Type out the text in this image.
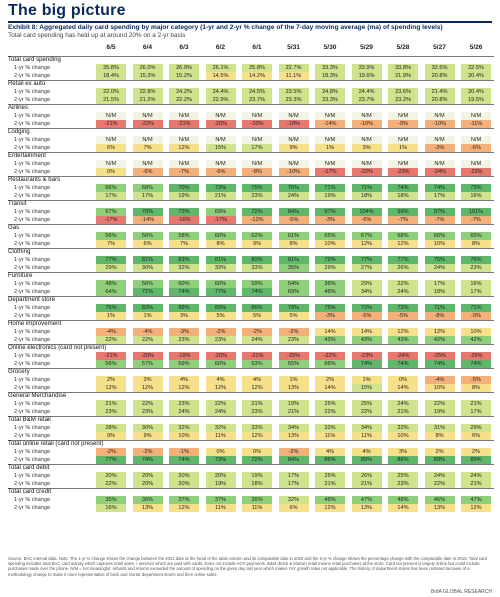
The big picture
Exhibit 8: Aggregated daily card spending by major category (1-yr and 2-yr % change of the 7-day moving average (ma) of spending levels)
Total card spending has held up at around 20% on a 2-yr basis
6/5	6/4	6/3	6/2	6/1	5/31	5/30	5/29	5/28	5/27	5/26
Total card spending
1-yr % change	25.8%	26.0%	26.9%	26.1%	25.8%	22.7%	33.3%	33.9%	33.8%	32.6%	32.5%
2-yr % change	18.4%	15.3%	15.2%	14.5%	14.2%	11.1%	18.3%	19.6%	21.9%	20.8%	20.4%
Retail ex auto
1-yr % change	22.0%	22.8%	24.2%	24.4%	24.5%	23.5%	24.8%	24.4%	23.6%	21.4%	20.4%
2-yr % change	21.5%	21.2%	22.2%	22.9%	23.7%	23.3%	23.3%	23.7%	23.2%	20.8%	19.5%
Airlines
1-yr % change	N/M	N/M	N/M	N/M	N/M	N/M	N/M	N/M	N/M	N/M	N/M
2-yr % change	-21%	-22%	-21%	-20%	-20%	-18%	-14%	-10%	-9%	-10%	-11%
Lodging
1-yr % change	N/M	N/M	N/M	N/M	N/M	N/M	N/M	N/M	N/M	N/M	N/M
2-yr % change	6%	7%	12%	15%	17%	9%	1%	3%	1%	-3%	-6%
Entertainment
1-yr % change	N/M	N/M	N/M	N/M	N/M	N/M	N/M	N/M	N/M	N/M	N/M
2-yr % change	0%	-6%	-7%	-6%	-8%	-10%	-17%	-22%	-23%	-24%	-23%
Restaurants & bars
1-yr % change	66%	68%	70%	73%	75%	76%	71%	71%	74%	74%	73%
2-yr % change	17%	17%	19%	21%	23%	24%	19%	18%	18%	17%	16%
Transit
1-yr % change	67%	70%	73%	69%	72%	84%	97%	104%	99%	97%	101%
2-yr % change	-17%	-14%	-16%	-17%	-12%	-5%	-3%	-6%	-7%	-7%	-7%
Gas
1-yr % change	56%	56%	58%	60%	62%	61%	65%	67%	68%	66%	65%
2-yr % change	7%	6%	7%	8%	9%	8%	10%	12%	12%	10%	8%
Clothing
1-yr % change	77%	81%	83%	81%	80%	81%	79%	77%	77%	75%	76%
2-yr % change	29%	30%	32%	33%	33%	35%	29%	27%	26%	24%	23%
Furniture
1-yr % change	48%	56%	60%	60%	59%	54%	36%	29%	22%	17%	16%
2-yr % change	64%	71%	74%	77%	74%	69%	46%	34%	24%	18%	17%
Department store
1-yr % change	76%	83%	88%	89%	86%	79%	75%	72%	73%	71%	71%
2-yr % change	1%	1%	3%	5%	5%	5%	-3%	-5%	-5%	-8%	-9%
Home improvement
1-yr % change	-4%	-4%	-3%	-2%	-2%	-2%	14%	14%	12%	12%	10%
2-yr % change	22%	22%	23%	23%	24%	23%	43%	43%	43%	42%	42%
Online electronics (card not present)
1-yr % change	-21%	-20%	-19%	-20%	-21%	-25%	-22%	-23%	-24%	-25%	-25%
2-yr % change	56%	57%	59%	60%	63%	65%	66%	74%	74%	74%	74%
Grocery
1-yr % change	2%	3%	4%	4%	4%	1%	2%	1%	0%	-4%	-5%
2-yr % change	12%	12%	12%	12%	12%	13%	14%	15%	14%	10%	8%
General Merchandise
1-yr % change	21%	22%	23%	22%	21%	19%	25%	25%	24%	22%	21%
2-yr % change	23%	23%	24%	24%	23%	21%	22%	22%	21%	19%	17%
Total B&M retail
1-yr % change	28%	30%	32%	32%	33%	34%	33%	34%	33%	31%	29%
2-yr % change	9%	9%	10%	11%	12%	13%	11%	11%	10%	8%	6%
Total online retail (card not present)
1-yr % change	-2%	-2%	-1%	0%	0%	-2%	4%	4%	3%	2%	2%
2-yr % change	77%	74%	74%	73%	72%	84%	86%	89%	88%	89%	89%
Total card debit
1-yr % change	20%	20%	20%	20%	19%	17%	25%	26%	25%	24%	24%
2-yr % change	22%	20%	20%	19%	18%	17%	21%	21%	23%	22%	21%
Total card credit
1-yr % change	35%	36%	37%	37%	36%	32%	46%	47%	48%	46%	47%
2-yr % change	16%	13%	12%	11%	11%	6%	12%	13%	14%	13%	12%
Source: BAC internal data. Note: The 1-yr % change shows the change between the 2021 date at the head of the table column and its comparable date in 2020 and the 2-yr % change shows the percentage change with the comparable date in 2019. Total card spending includes total BAC card activity which captures retail sales + services which are paid with cards. Does not include ACH payments. B&M (Brick & Mortar) retail means retail purchases at the store. Card not present is largely online but could include purchases made over the phone. N/M = not meaningful: refunds and returns exceeded the amount of spending on the given day last year which makes YoY growth rates not applicable. The history of department stores has been restated because of a methodology change to make it more representative of brick and mortar department stores and their online sales.
BofA GLOBAL RESEARCH
